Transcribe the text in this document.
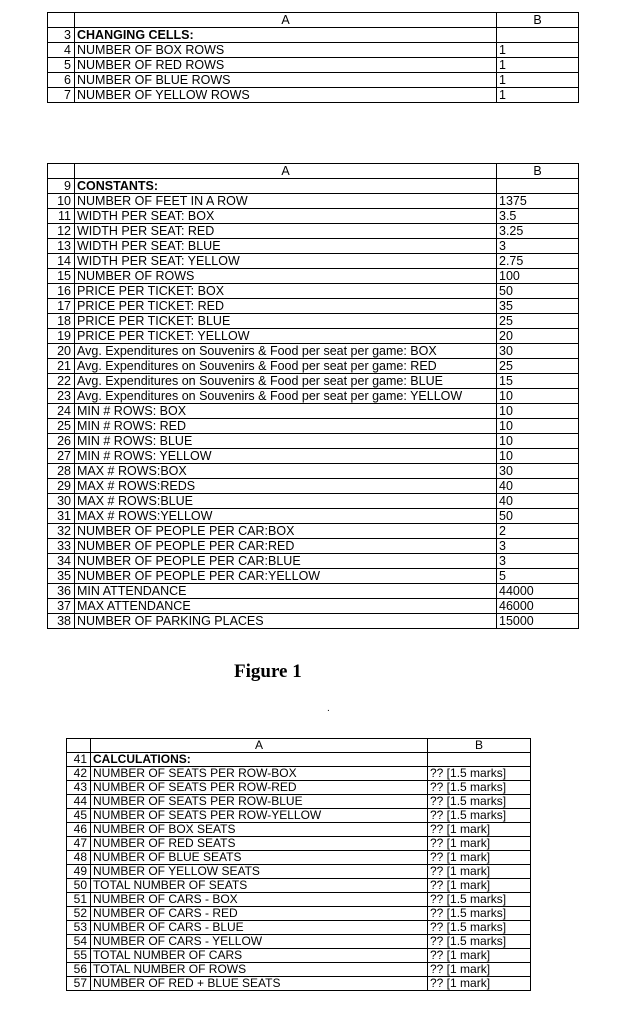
	A	B
3	CHANGING CELLS:	
4	NUMBER OF BOX ROWS	1
5	NUMBER OF RED ROWS	1
6	NUMBER OF BLUE ROWS	1
7	NUMBER OF YELLOW ROWS	1
	A	B
9	CONSTANTS:	
10	NUMBER OF FEET IN A ROW	1375
11	WIDTH PER SEAT: BOX	3.5
12	WIDTH PER SEAT: RED	3.25
13	WIDTH PER SEAT: BLUE	3
14	WIDTH PER SEAT: YELLOW	2.75
15	NUMBER OF ROWS	100
16	PRICE PER TICKET: BOX	50
17	PRICE PER TICKET: RED	35
18	PRICE PER TICKET: BLUE	25
19	PRICE PER TICKET: YELLOW	20
20	Avg. Expenditures on Souvenirs & Food per seat per game: BOX	30
21	Avg. Expenditures on Souvenirs & Food per seat per game: RED	25
22	Avg. Expenditures on Souvenirs & Food per seat per game: BLUE	15
23	Avg. Expenditures on Souvenirs & Food per seat per game: YELLOW	10
24	MIN # ROWS: BOX	10
25	MIN # ROWS: RED	10
26	MIN # ROWS: BLUE	10
27	MIN # ROWS: YELLOW	10
28	MAX # ROWS:BOX	30
29	MAX # ROWS:REDS	40
30	MAX # ROWS:BLUE	40
31	MAX # ROWS:YELLOW	50
32	NUMBER OF PEOPLE PER CAR:BOX	2
33	NUMBER OF PEOPLE PER CAR:RED	3
34	NUMBER OF PEOPLE PER CAR:BLUE	3
35	NUMBER OF PEOPLE PER CAR:YELLOW	5
36	MIN ATTENDANCE	44000
37	MAX ATTENDANCE	46000
38	NUMBER OF PARKING PLACES	15000
Figure 1
.
	A	B
41	CALCULATIONS:	
42	NUMBER OF SEATS PER ROW-BOX	?? [1.5 marks]
43	NUMBER OF SEATS PER ROW-RED	?? [1.5 marks]
44	NUMBER OF SEATS PER ROW-BLUE	?? [1.5 marks]
45	NUMBER OF SEATS PER ROW-YELLOW	?? [1.5 marks]
46	NUMBER OF BOX SEATS	?? [1 mark]
47	NUMBER OF RED SEATS	?? [1 mark]
48	NUMBER OF BLUE SEATS	?? [1 mark]
49	NUMBER OF YELLOW SEATS	?? [1 mark]
50	TOTAL NUMBER OF SEATS	?? [1 mark]
51	NUMBER OF CARS - BOX	?? [1.5 marks]
52	NUMBER OF CARS - RED	?? [1.5 marks]
53	NUMBER OF CARS - BLUE	?? [1.5 marks]
54	NUMBER OF CARS - YELLOW	?? [1.5 marks]
55	TOTAL NUMBER OF CARS	?? [1 mark]
56	TOTAL NUMBER OF ROWS	?? [1 mark]
57	NUMBER OF RED + BLUE SEATS	?? [1 mark]
